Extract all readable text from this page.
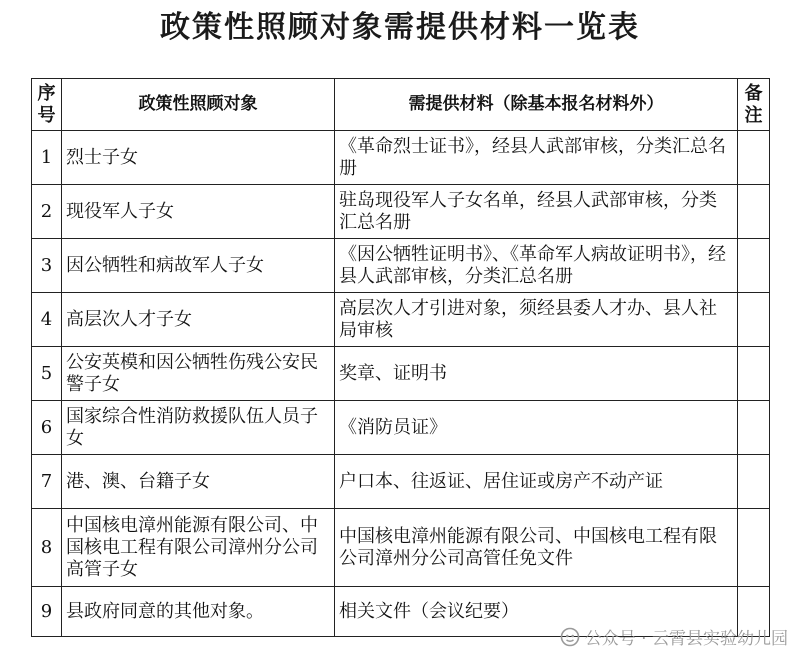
政策性照顾对象需提供材料一览表
序号	政策性照顾对象	需提供材料（除基本报名材料外）	备注
1	烈士子女	《革命烈士证书》，经县人武部审核，分类汇总名册	
2	现役军人子女	驻岛现役军人子女名单，经县人武部审核，分类汇总名册	
3	因公牺牲和病故军人子女	《因公牺牲证明书》、《革命军人病故证明书》，经县人武部审核，分类汇总名册	
4	高层次人才子女	高层次人才引进对象，须经县委人才办、县人社局审核	
5	公安英模和因公牺牲伤残公安民警子女	奖章、证明书	
6	国家综合性消防救援队伍人员子女	《消防员证》	
7	港、澳、台籍子女	户口本、往返证、居住证或房产不动产证	
8	中国核电漳州能源有限公司、中国核电工程有限公司漳州分公司高管子女	中国核电漳州能源有限公司、中国核电工程有限公司漳州分公司高管任免文件	
9	县政府同意的其他对象。	相关文件（会议纪要）	
公众号 · 云霄县实验幼儿园
